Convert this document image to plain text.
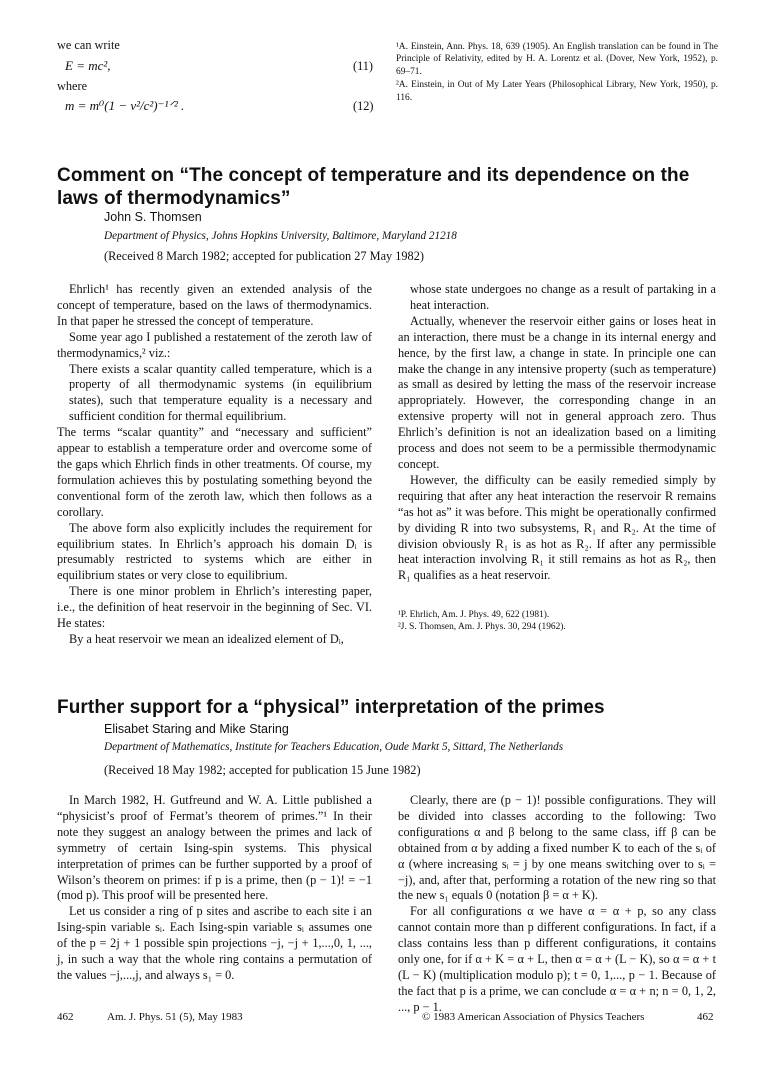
we can write
E = mc²,	(11)
where
m = m⁰(1 − v²/c²)⁻¹ᐟ² .	(12)
¹A. Einstein, Ann. Phys. 18, 639 (1905). An English translation can be found in The Principle of Relativity, edited by H. A. Lorentz et al. (Dover, New York, 1952), p. 69–71.
²A. Einstein, in Out of My Later Years (Philosophical Library, New York, 1950), p. 116.
Comment on “The concept of temperature and its dependence on the laws of thermodynamics”
John S. Thomsen
Department of Physics, Johns Hopkins University, Baltimore, Maryland 21218
(Received 8 March 1982; accepted for publication 27 May 1982)

Ehrlich¹ has recently given an extended analysis of the concept of temperature, based on the laws of thermodynamics. In that paper he stressed the concept of temperature.

Some year ago I published a restatement of the zeroth law of thermodynamics,² viz.:

There exists a scalar quantity called temperature, which is a property of all thermodynamic systems (in equilibrium states), such that temperature equality is a necessary and sufficient condition for thermal equilibrium.

The terms “scalar quantity” and “necessary and sufficient” appear to establish a temperature order and overcome some of the gaps which Ehrlich finds in other treatments. Of course, my formulation achieves this by postulating something beyond the conventional form of the zeroth law, which then follows as a corollary.

The above form also explicitly includes the requirement for equilibrium states. In Ehrlich’s approach his domain Dᵢ is presumably restricted to systems which are either in equilibrium states or very close to equilibrium.

There is one minor problem in Ehrlich’s interesting paper, i.e., the definition of heat reservoir in the beginning of Sec. VI. He states:

By a heat reservoir we mean an idealized element of Dᵢ,

whose state undergoes no change as a result of partaking in a heat interaction.

Actually, whenever the reservoir either gains or loses heat in an interaction, there must be a change in its internal energy and hence, by the first law, a change in state. In principle one can make the change in any intensive property (such as temperature) as small as desired by letting the mass of the reservoir increase appropriately. However, the corresponding change in an extensive property will not in general approach zero. Thus Ehrlich’s definition is not an idealization based on a limiting process and does not seem to be a permissible thermodynamic concept.

However, the difficulty can be easily remedied simply by requiring that after any heat interaction the reservoir R remains “as hot as” it was before. This might be operationally confirmed by dividing R into two subsystems, R₁ and R₂. At the time of division obviously R₁ is as hot as R₂. If after any permissible heat interaction involving R₁ it still remains as hot as R₂, then R₁ qualifies as a heat reservoir.

¹P. Ehrlich, Am. J. Phys. 49, 622 (1981).
²J. S. Thomsen, Am. J. Phys. 30, 294 (1962).
Further support for a “physical” interpretation of the primes
Elisabet Staring and Mike Staring
Department of Mathematics, Institute for Teachers Education, Oude Markt 5, Sittard, The Netherlands
(Received 18 May 1982; accepted for publication 15 June 1982)

In March 1982, H. Gutfreund and W. A. Little published a “physicist’s proof of Fermat’s theorem of primes.”¹ In their note they suggest an analogy between the primes and lack of symmetry of certain Ising-spin systems. This physical interpretation of primes can be further supported by a proof of Wilson’s theorem on primes: if p is a prime, then (p − 1)! = −1 (mod p). This proof will be presented here.

Let us consider a ring of p sites and ascribe to each site i an Ising-spin variable sᵢ. Each Ising-spin variable sᵢ assumes one of the p = 2j + 1 possible spin projections −j, −j + 1,...,0, 1, ..., j, in such a way that the whole ring contains a permutation of the values −j,...,j, and always s₁ = 0.

Clearly, there are (p − 1)! possible configurations. They will be divided into classes according to the following: Two configurations α and β belong to the same class, iff β can be obtained from α by adding a fixed number K to each of the sᵢ of α (where increasing sᵢ = j by one means switching over to sᵢ = −j), and, after that, performing a rotation of the new ring so that the new s₁ equals 0 (notation β = α + K).

For all configurations α we have α = α + p, so any class cannot contain more than p different configurations. In fact, if a class contains less than p different configurations, it contains only one, for if α + K = α + L, then α = α + (L − K), so α = α + t (L − K) (multiplication modulo p); t = 0, 1,..., p − 1. Because of the fact that p is a prime, we can conclude α = α + n; n = 0, 1, 2, ..., p − 1.

462	Am. J. Phys. 51 (5), May 1983	© 1983 American Association of Physics Teachers	462
